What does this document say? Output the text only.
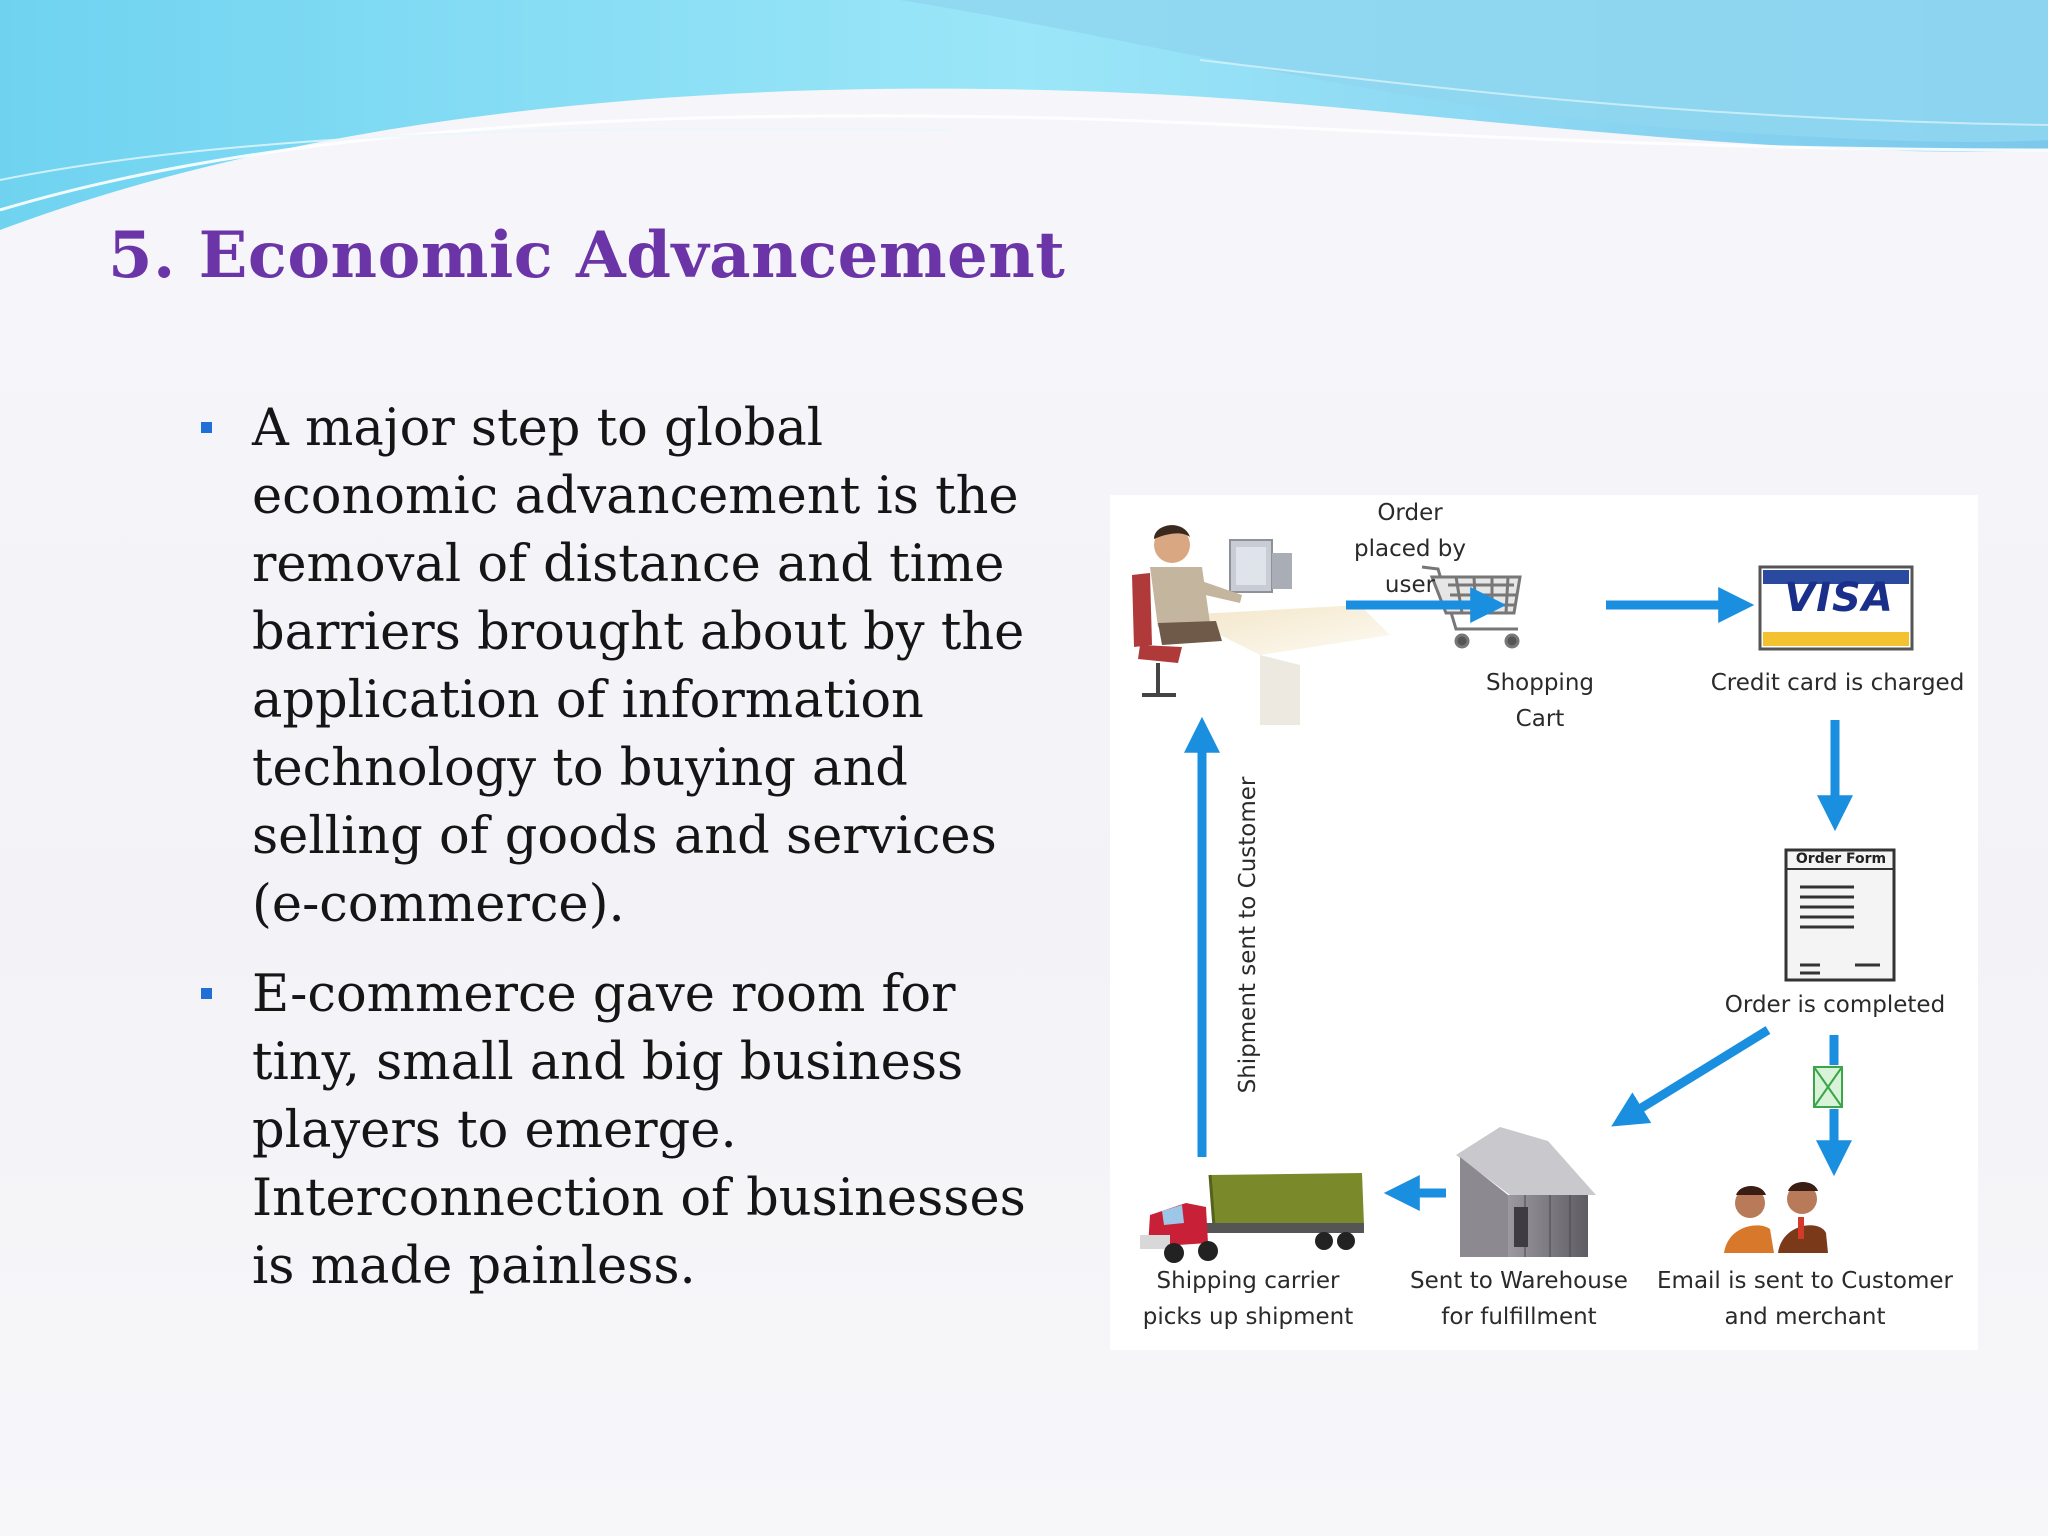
5. Economic Advancement
A major step to global economic advancement is the removal of distance and time barriers brought about by the application of information technology to buying and selling of goods and services (e-commerce).
E-commerce gave room for tiny, small and big business players to emerge. Interconnection of businesses is made painless.
VISA
Order Form
Order placed by user
Shopping Cart
Credit card is charged
Order is completed
Email is sent to Customer and merchant
Sent to Warehouse for fulfillment
Shipping carrier picks up shipment
Shipment sent to Customer
